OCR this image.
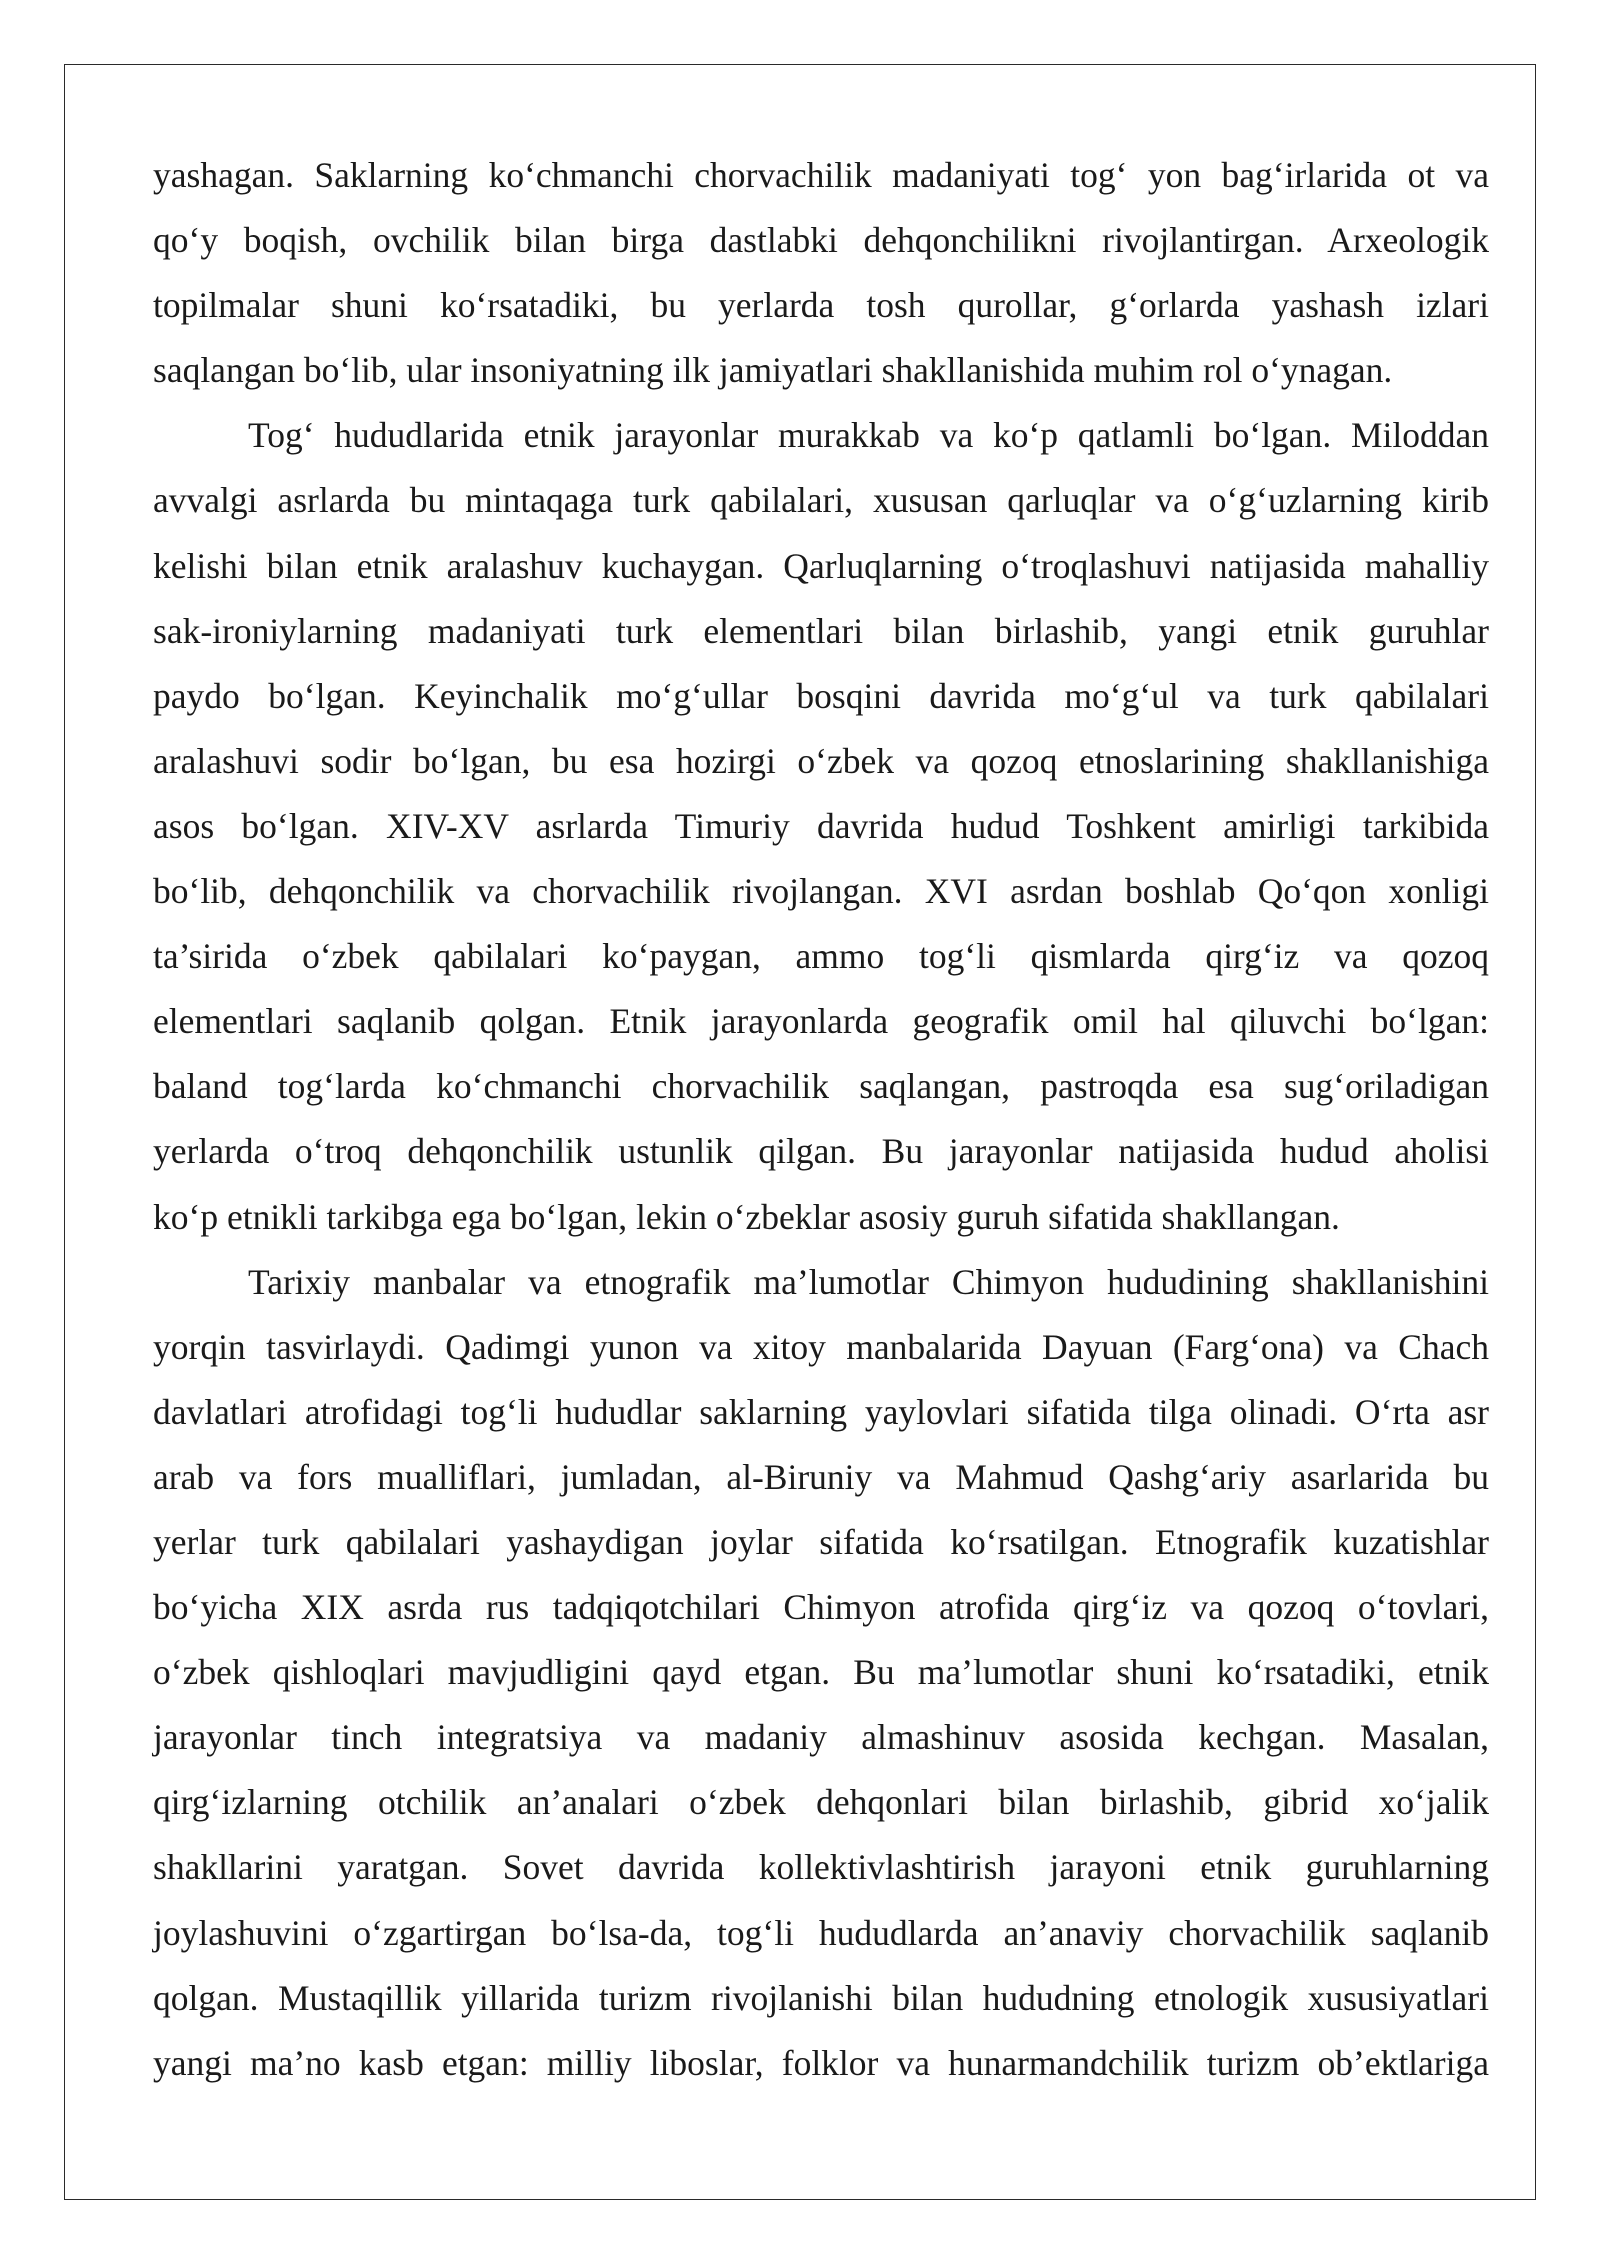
yashagan. Saklarning ko‘chmanchi chorvachilik madaniyati tog‘ yon bag‘irlarida ot va
qo‘y boqish, ovchilik bilan birga dastlabki dehqonchilikni rivojlantirgan. Arxeologik
topilmalar shuni ko‘rsatadiki, bu yerlarda tosh qurollar, g‘orlarda yashash izlari
saqlangan bo‘lib, ular insoniyatning ilk jamiyatlari shakllanishida muhim rol o‘ynagan.
Tog‘ hududlarida etnik jarayonlar murakkab va ko‘p qatlamli bo‘lgan. Miloddan
avvalgi asrlarda bu mintaqaga turk qabilalari, xususan qarluqlar va o‘g‘uzlarning kirib
kelishi bilan etnik aralashuv kuchaygan. Qarluqlarning o‘troqlashuvi natijasida mahalliy
sak-ironiylarning madaniyati turk elementlari bilan birlashib, yangi etnik guruhlar
paydo bo‘lgan. Keyinchalik mo‘g‘ullar bosqini davrida mo‘g‘ul va turk qabilalari
aralashuvi sodir bo‘lgan, bu esa hozirgi o‘zbek va qozoq etnoslarining shakllanishiga
asos bo‘lgan. XIV-XV asrlarda Timuriy davrida hudud Toshkent amirligi tarkibida
bo‘lib, dehqonchilik va chorvachilik rivojlangan. XVI asrdan boshlab Qo‘qon xonligi
ta’sirida o‘zbek qabilalari ko‘paygan, ammo tog‘li qismlarda qirg‘iz va qozoq
elementlari saqlanib qolgan. Etnik jarayonlarda geografik omil hal qiluvchi bo‘lgan:
baland tog‘larda ko‘chmanchi chorvachilik saqlangan, pastroqda esa sug‘oriladigan
yerlarda o‘troq dehqonchilik ustunlik qilgan. Bu jarayonlar natijasida hudud aholisi
ko‘p etnikli tarkibga ega bo‘lgan, lekin o‘zbeklar asosiy guruh sifatida shakllangan.
Tarixiy manbalar va etnografik ma’lumotlar Chimyon hududining shakllanishini
yorqin tasvirlaydi. Qadimgi yunon va xitoy manbalarida Dayuan (Farg‘ona) va Chach
davlatlari atrofidagi tog‘li hududlar saklarning yaylovlari sifatida tilga olinadi. O‘rta asr
arab va fors mualliflari, jumladan, al-Biruniy va Mahmud Qashg‘ariy asarlarida bu
yerlar turk qabilalari yashaydigan joylar sifatida ko‘rsatilgan. Etnografik kuzatishlar
bo‘yicha XIX asrda rus tadqiqotchilari Chimyon atrofida qirg‘iz va qozoq o‘tovlari,
o‘zbek qishloqlari mavjudligini qayd etgan. Bu ma’lumotlar shuni ko‘rsatadiki, etnik
jarayonlar tinch integratsiya va madaniy almashinuv asosida kechgan. Masalan,
qirg‘izlarning otchilik an’analari o‘zbek dehqonlari bilan birlashib, gibrid xo‘jalik
shakllarini yaratgan. Sovet davrida kollektivlashtirish jarayoni etnik guruhlarning
joylashuvini o‘zgartirgan bo‘lsa-da, tog‘li hududlarda an’anaviy chorvachilik saqlanib
qolgan. Mustaqillik yillarida turizm rivojlanishi bilan hududning etnologik xususiyatlari
yangi ma’no kasb etgan: milliy liboslar, folklor va hunarmandchilik turizm ob’ektlariga
